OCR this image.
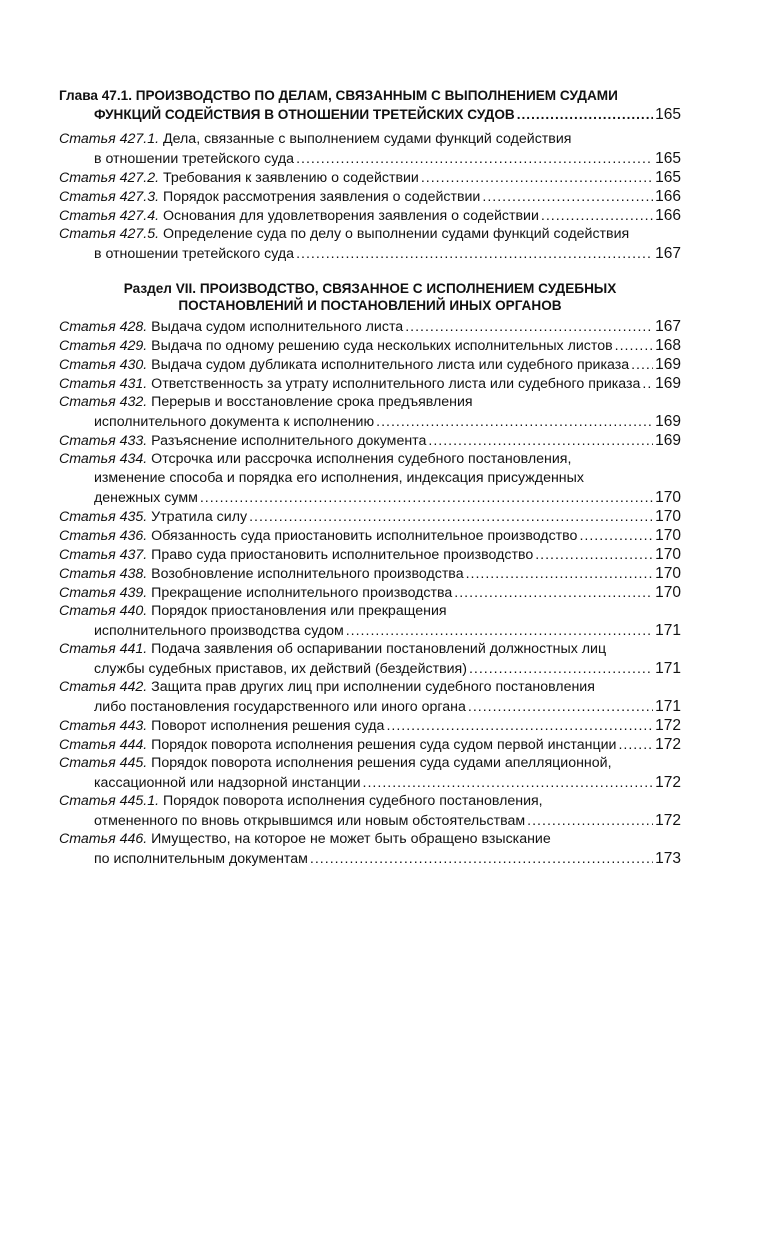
Глава 47.1. ПРОИЗВОДСТВО ПО ДЕЛАМ, СВЯЗАННЫМ С ВЫПОЛНЕНИЕМ СУДАМИ
ФУНКЦИЙ СОДЕЙСТВИЯ В ОТНОШЕНИИ ТРЕТЕЙСКИХ СУДОВ .....	165
Статья 427.1. Дела, связанные с выполнением судами функций содействия
в отношении третейского суда .....	165
Статья 427.2. Требования к заявлению о содействии .....	165
Статья 427.3. Порядок рассмотрения заявления о содействии .....	166
Статья 427.4. Основания для удовлетворения заявления о содействии .....	166
Статья 427.5. Определение суда по делу о выполнении судами функций содействия
в отношении третейского суда .....	167
Раздел VII. ПРОИЗВОДСТВО, СВЯЗАННОЕ С ИСПОЛНЕНИЕМ СУДЕБНЫХ
ПОСТАНОВЛЕНИЙ И ПОСТАНОВЛЕНИЙ ИНЫХ ОРГАНОВ
Статья 428. Выдача судом исполнительного листа .....	167
Статья 429. Выдача по одному решению суда нескольких исполнительных листов .....	168
Статья 430. Выдача судом дубликата исполнительного листа или судебного приказа ..... 169
Статья 431. Ответственность за утрату исполнительного листа или судебного приказа ..... 169
Статья 432. Перерыв и восстановление срока предъявления
исполнительного документа к исполнению .....	169
Статья 433. Разъяснение исполнительного документа .....	169
Статья 434. Отсрочка или рассрочка исполнения судебного постановления,
изменение способа и порядка его исполнения, индексация присужденных
денежных сумм .....	170
Статья 435. Утратила силу .....	170
Статья 436. Обязанность суда приостановить исполнительное производство .....	170
Статья 437. Право суда приостановить исполнительное производство .....	170
Статья 438. Возобновление исполнительного производства .....	170
Статья 439. Прекращение исполнительного производства .....	170
Статья 440. Порядок приостановления или прекращения
исполнительного производства судом .....	171
Статья 441. Подача заявления об оспаривании постановлений должностных лиц
службы судебных приставов, их действий (бездействия) .....	171
Статья 442. Защита прав других лиц при исполнении судебного постановления
либо постановления государственного или иного органа .....	171
Статья 443. Поворот исполнения решения суда .....	172
Статья 444. Порядок поворота исполнения решения суда судом первой инстанции ..... 172
Статья 445. Порядок поворота исполнения решения суда судами апелляционной,
кассационной или надзорной инстанции .....	172
Статья 445.1. Порядок поворота исполнения судебного постановления,
отмененного по вновь открывшимся или новым обстоятельствам .....	172
Статья 446. Имущество, на которое не может быть обращено взыскание
по исполнительным документам .....	173
